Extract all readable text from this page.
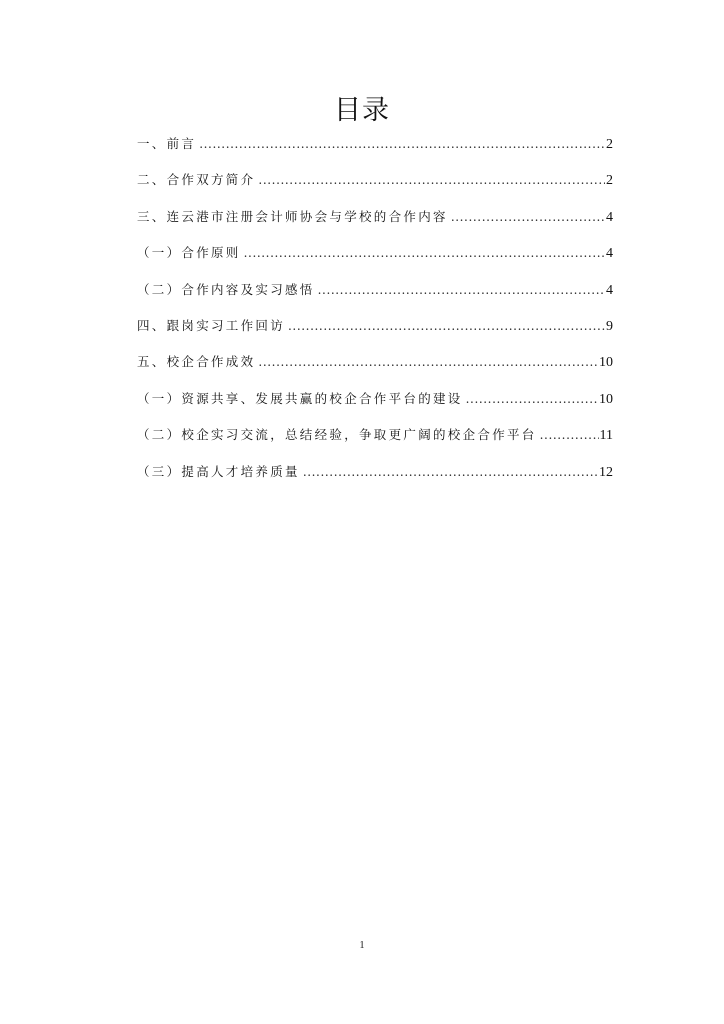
目录
一、前言 .....	2
二、合作双方简介 .....	2
三、连云港市注册会计师协会与学校的合作内容 .....	4
（一）合作原则 .....	4
（二）合作内容及实习感悟 .....	4
四、跟岗实习工作回访 .....	9
五、校企合作成效 .....	10
（一）资源共享、发展共赢的校企合作平台的建设 .....	10
（二）校企实习交流，总结经验，争取更广阔的校企合作平台 .....	11
（三）提高人才培养质量 .....	12
1
